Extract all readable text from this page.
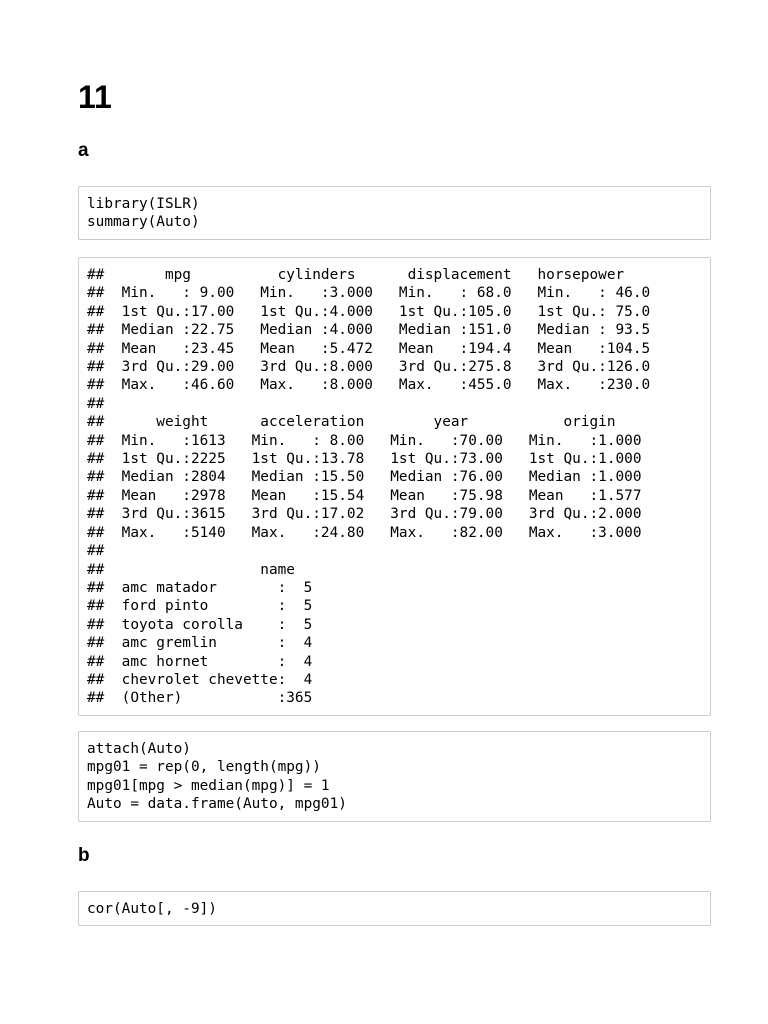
11
a
library(ISLR)
summary(Auto)
##       mpg          cylinders      displacement   horsepower
##  Min.   : 9.00   Min.   :3.000   Min.   : 68.0   Min.   : 46.0
##  1st Qu.:17.00   1st Qu.:4.000   1st Qu.:105.0   1st Qu.: 75.0
##  Median :22.75   Median :4.000   Median :151.0   Median : 93.5
##  Mean   :23.45   Mean   :5.472   Mean   :194.4   Mean   :104.5
##  3rd Qu.:29.00   3rd Qu.:8.000   3rd Qu.:275.8   3rd Qu.:126.0
##  Max.   :46.60   Max.   :8.000   Max.   :455.0   Max.   :230.0
##
##      weight      acceleration        year           origin
##  Min.   :1613   Min.   : 8.00   Min.   :70.00   Min.   :1.000
##  1st Qu.:2225   1st Qu.:13.78   1st Qu.:73.00   1st Qu.:1.000
##  Median :2804   Median :15.50   Median :76.00   Median :1.000
##  Mean   :2978   Mean   :15.54   Mean   :75.98   Mean   :1.577
##  3rd Qu.:3615   3rd Qu.:17.02   3rd Qu.:79.00   3rd Qu.:2.000
##  Max.   :5140   Max.   :24.80   Max.   :82.00   Max.   :3.000
##
##                  name
##  amc matador       :  5
##  ford pinto        :  5
##  toyota corolla    :  5
##  amc gremlin       :  4
##  amc hornet        :  4
##  chevrolet chevette:  4
##  (Other)           :365
attach(Auto)
mpg01 = rep(0, length(mpg))
mpg01[mpg > median(mpg)] = 1
Auto = data.frame(Auto, mpg01)
b
cor(Auto[, -9])
